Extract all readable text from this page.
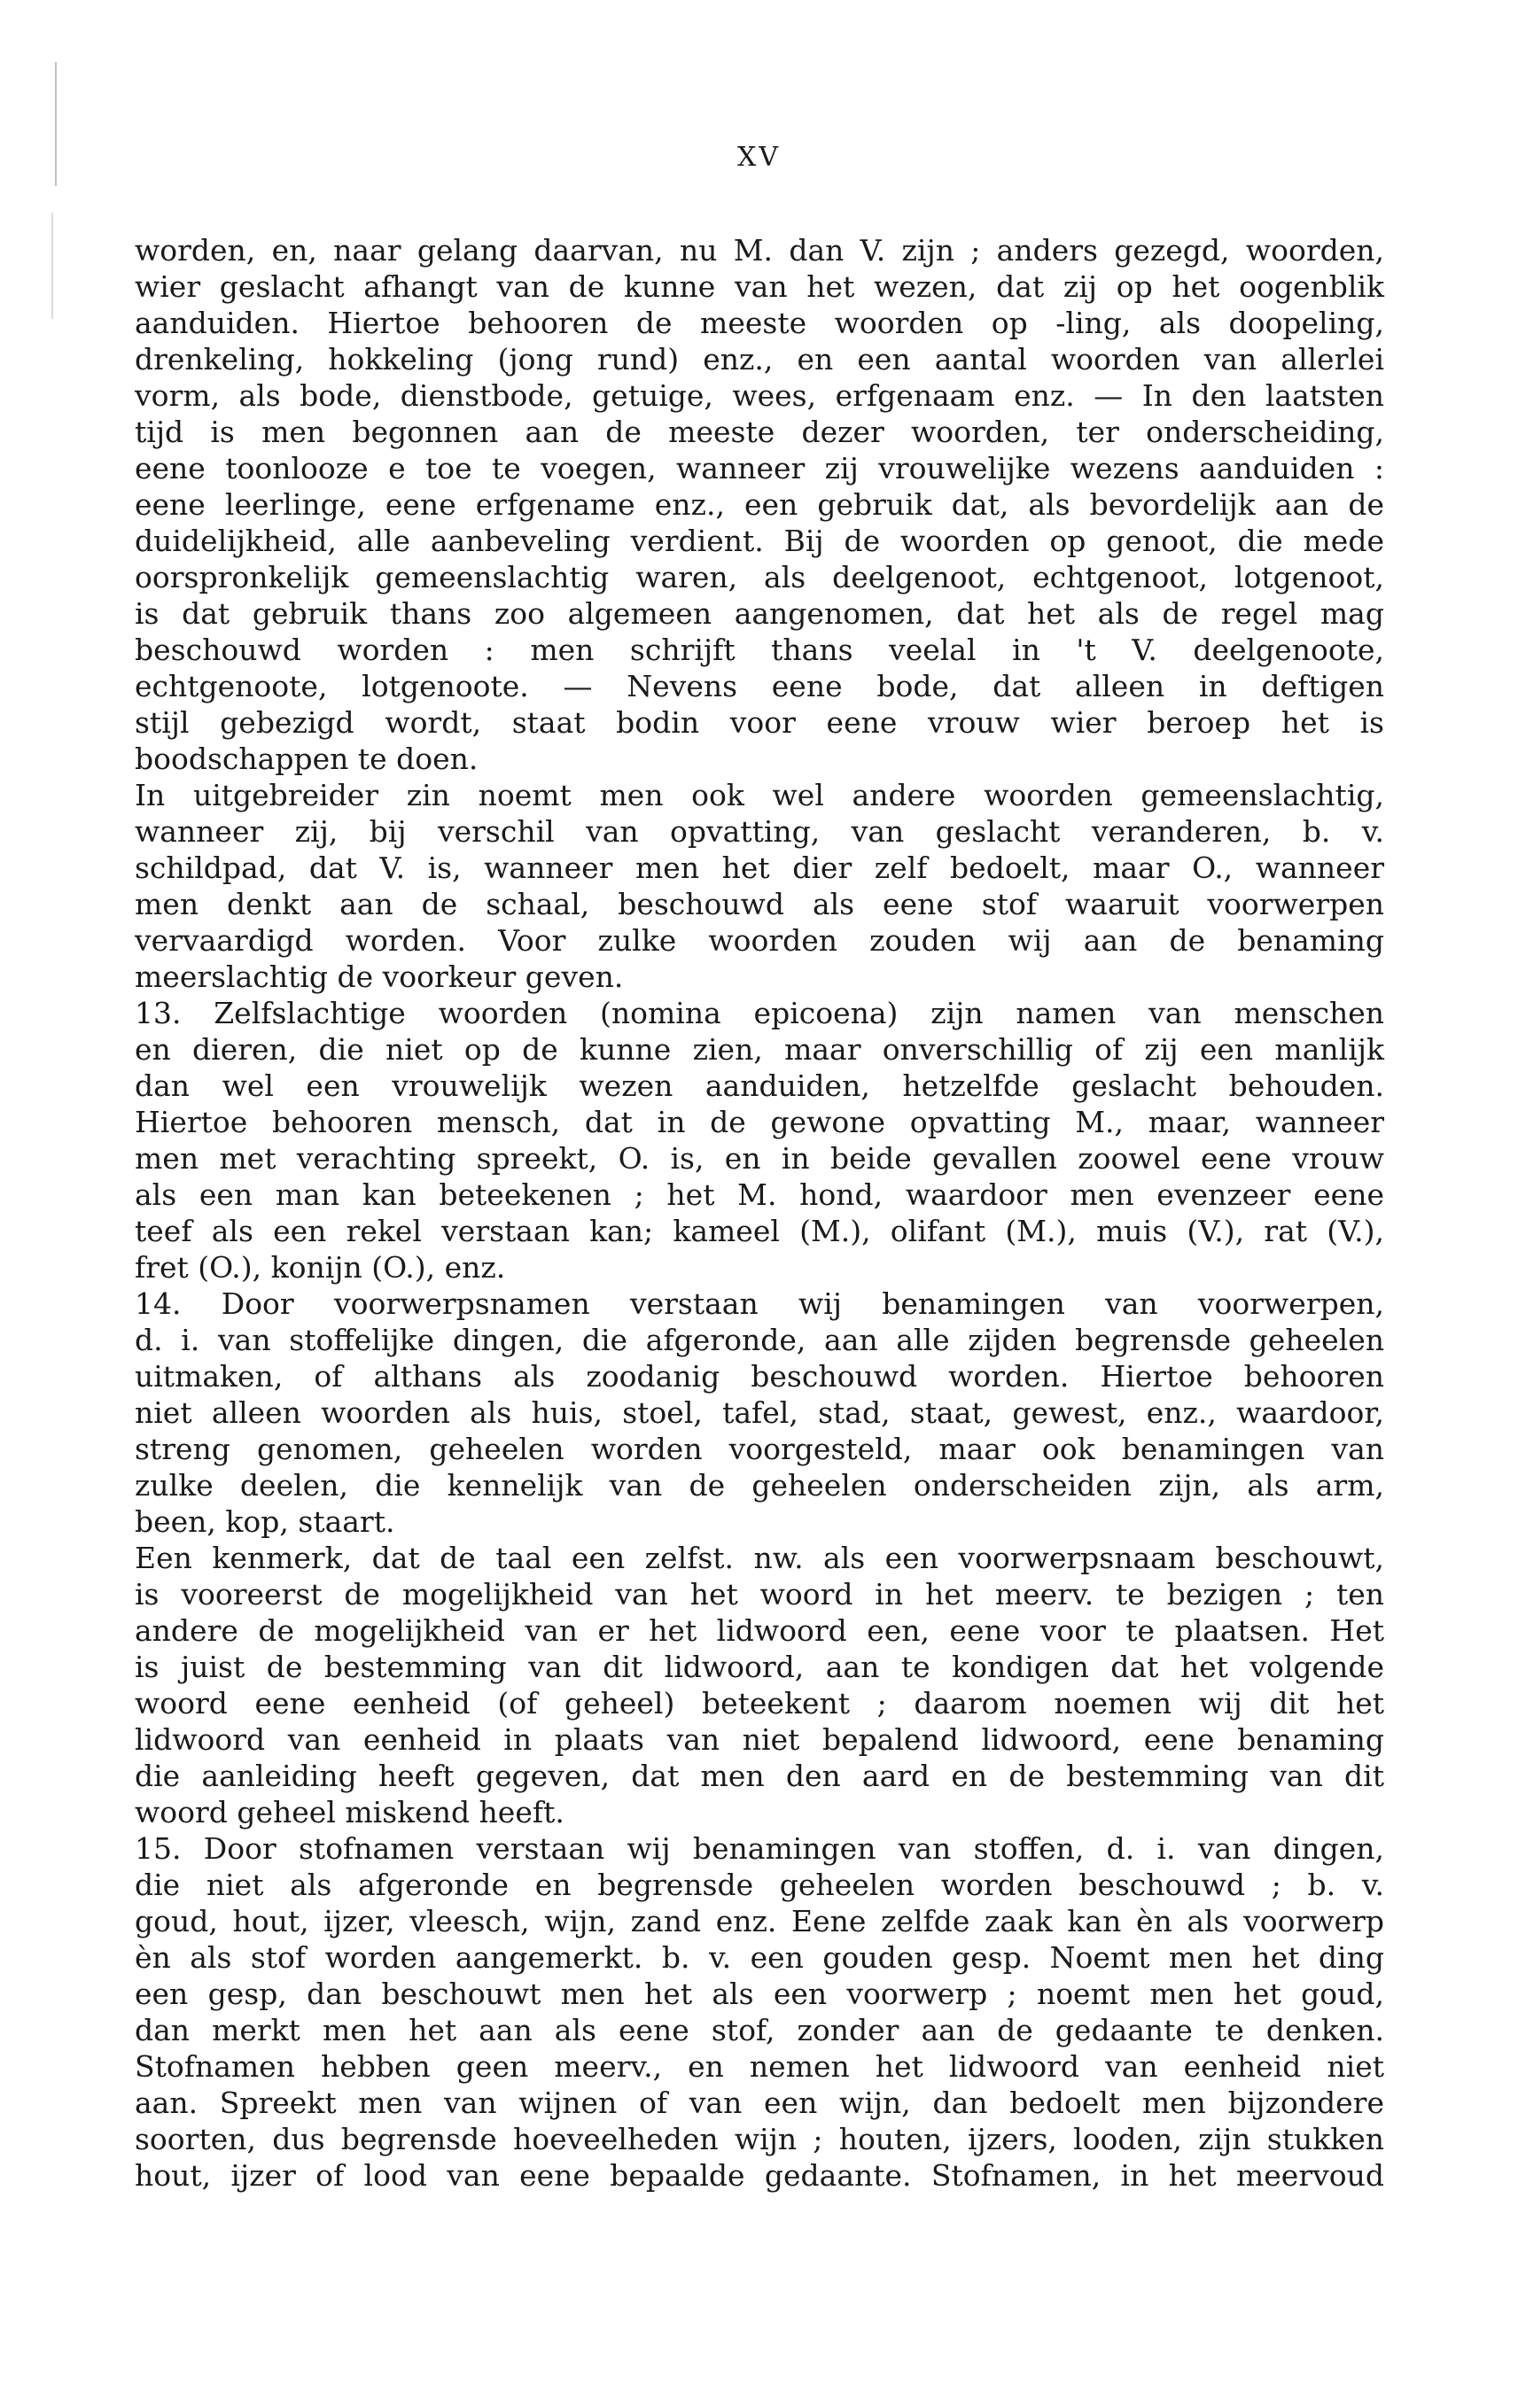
XV
worden, en, naar gelang daarvan, nu M. dan V. zijn ; anders gezegd, woorden,
wier geslacht afhangt van de kunne van het wezen, dat zij op het oogenblik
aanduiden. Hiertoe behooren de meeste woorden op -ling, als doopeling,
drenkeling, hokkeling (jong rund) enz., en een aantal woorden van allerlei
vorm, als bode, dienstbode, getuige, wees, erfgenaam enz. — In den laatsten
tijd is men begonnen aan de meeste dezer woorden, ter onderscheiding,
eene toonlooze e toe te voegen, wanneer zij vrouwelijke wezens aanduiden :
eene leerlinge, eene erfgename enz., een gebruik dat, als bevordelijk aan de
duidelijkheid, alle aanbeveling verdient. Bij de woorden op genoot, die mede
oorspronkelijk gemeenslachtig waren, als deelgenoot, echtgenoot, lotgenoot,
is dat gebruik thans zoo algemeen aangenomen, dat het als de regel mag
beschouwd worden : men schrijft thans veelal in 't V. deelgenoote,
echtgenoote, lotgenoote. — Nevens eene bode, dat alleen in deftigen
stijl gebezigd wordt, staat bodin voor eene vrouw wier beroep het is
boodschappen te doen.
In uitgebreider zin noemt men ook wel andere woorden gemeenslachtig,
wanneer zij, bij verschil van opvatting, van geslacht veranderen, b. v.
schildpad, dat V. is, wanneer men het dier zelf bedoelt, maar O., wanneer
men denkt aan de schaal, beschouwd als eene stof waaruit voorwerpen
vervaardigd worden. Voor zulke woorden zouden wij aan de benaming
meerslachtig de voorkeur geven.
13. Zelfslachtige woorden (nomina epicoena) zijn namen van menschen
en dieren, die niet op de kunne zien, maar onverschillig of zij een manlijk
dan wel een vrouwelijk wezen aanduiden, hetzelfde geslacht behouden.
Hiertoe behooren mensch, dat in de gewone opvatting M., maar, wanneer
men met verachting spreekt, O. is, en in beide gevallen zoowel eene vrouw
als een man kan beteekenen ; het M. hond, waardoor men evenzeer eene
teef als een rekel verstaan kan; kameel (M.), olifant (M.), muis (V.), rat (V.),
fret (O.), konijn (O.), enz.
14. Door voorwerpsnamen verstaan wij benamingen van voorwerpen,
d. i. van stoffelijke dingen, die afgeronde, aan alle zijden begrensde geheelen
uitmaken, of althans als zoodanig beschouwd worden. Hiertoe behooren
niet alleen woorden als huis, stoel, tafel, stad, staat, gewest, enz., waardoor,
streng genomen, geheelen worden voorgesteld, maar ook benamingen van
zulke deelen, die kennelijk van de geheelen onderscheiden zijn, als arm,
been, kop, staart.
Een kenmerk, dat de taal een zelfst. nw. als een voorwerpsnaam beschouwt,
is vooreerst de mogelijkheid van het woord in het meerv. te bezigen ; ten
andere de mogelijkheid van er het lidwoord een, eene voor te plaatsen. Het
is juist de bestemming van dit lidwoord, aan te kondigen dat het volgende
woord eene eenheid (of geheel) beteekent ; daarom noemen wij dit het
lidwoord van eenheid in plaats van niet bepalend lidwoord, eene benaming
die aanleiding heeft gegeven, dat men den aard en de bestemming van dit
woord geheel miskend heeft.
15. Door stofnamen verstaan wij benamingen van stoffen, d. i. van dingen,
die niet als afgeronde en begrensde geheelen worden beschouwd ; b. v.
goud, hout, ijzer, vleesch, wijn, zand enz. Eene zelfde zaak kan èn als voorwerp
èn als stof worden aangemerkt. b. v. een gouden gesp. Noemt men het ding
een gesp, dan beschouwt men het als een voorwerp ; noemt men het goud,
dan merkt men het aan als eene stof, zonder aan de gedaante te denken.
Stofnamen hebben geen meerv., en nemen het lidwoord van eenheid niet
aan. Spreekt men van wijnen of van een wijn, dan bedoelt men bijzondere
soorten, dus begrensde hoeveelheden wijn ; houten, ijzers, looden, zijn stukken
hout, ijzer of lood van eene bepaalde gedaante. Stofnamen, in het meervoud
